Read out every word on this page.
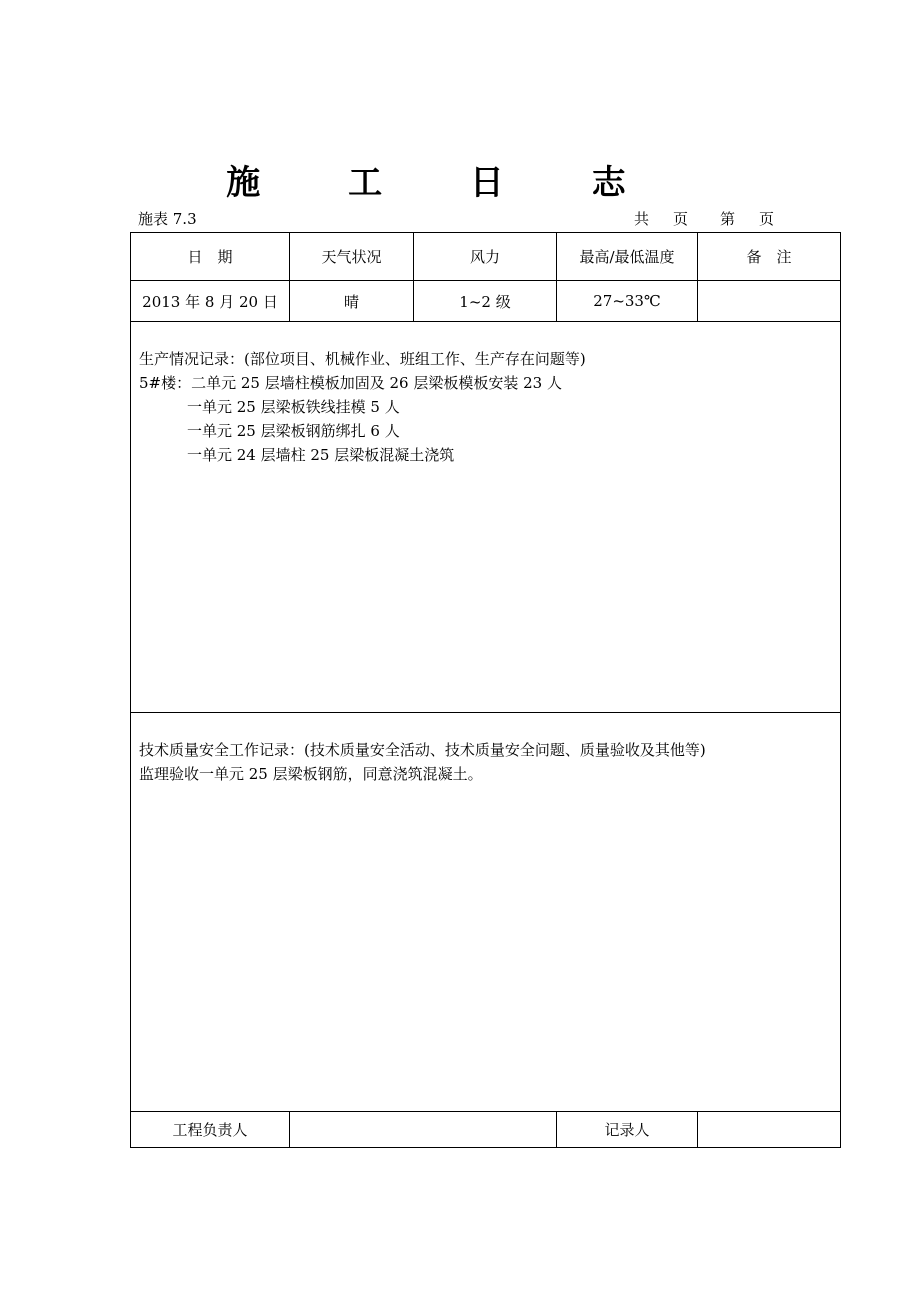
施 工 日 志
施表 7.3	共 页 第 页
日　期	天气状况	风力	最高/最低温度	备　注
2013 年 8 月 20 日	晴	1~2 级	27~33℃	

生产情况记录：(部位项目、机械作业、班组工作、生产存在问题等)
5#楼：二单元 25 层墙柱模板加固及 26 层梁板模板安装 23 人
一单元 25 层梁板铁线挂模 5 人
一单元 25 层梁板钢筋绑扎 6 人
一单元 24 层墙柱 25 层梁板混凝土浇筑				

技术质量安全工作记录：(技术质量安全活动、技术质量安全问题、质量验收及其他等)
监理验收一单元 25 层梁板钢筋，同意浇筑混凝土。				

工程负责人			记录人	
